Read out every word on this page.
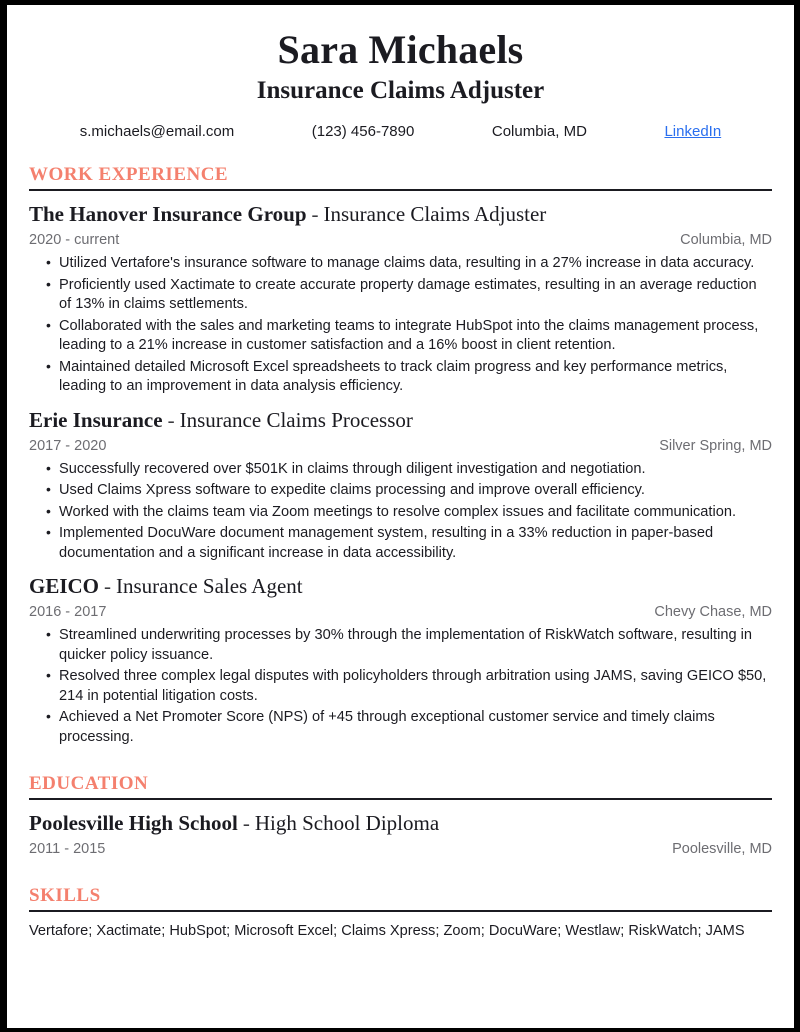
Sara Michaels
Insurance Claims Adjuster
s.michaels@email.com	(123) 456-7890	Columbia, MD	LinkedIn
WORK EXPERIENCE
The Hanover Insurance Group - Insurance Claims Adjuster
2020 - current	Columbia, MD
• Utilized Vertafore's insurance software to manage claims data, resulting in a 27% increase in data accuracy.
• Proficiently used Xactimate to create accurate property damage estimates, resulting in an average reduction of 13% in claims settlements.
• Collaborated with the sales and marketing teams to integrate HubSpot into the claims management process, leading to a 21% increase in customer satisfaction and a 16% boost in client retention.
• Maintained detailed Microsoft Excel spreadsheets to track claim progress and key performance metrics, leading to an improvement in data analysis efficiency.
Erie Insurance - Insurance Claims Processor
2017 - 2020	Silver Spring, MD
• Successfully recovered over $501K in claims through diligent investigation and negotiation.
• Used Claims Xpress software to expedite claims processing and improve overall efficiency.
• Worked with the claims team via Zoom meetings to resolve complex issues and facilitate communication.
• Implemented DocuWare document management system, resulting in a 33% reduction in paper-based documentation and a significant increase in data accessibility.
GEICO - Insurance Sales Agent
2016 - 2017	Chevy Chase, MD
• Streamlined underwriting processes by 30% through the implementation of RiskWatch software, resulting in quicker policy issuance.
• Resolved three complex legal disputes with policyholders through arbitration using JAMS, saving GEICO $50, 214 in potential litigation costs.
• Achieved a Net Promoter Score (NPS) of +45 through exceptional customer service and timely claims processing.
EDUCATION
Poolesville High School - High School Diploma
2011 - 2015	Poolesville, MD
SKILLS
Vertafore; Xactimate; HubSpot; Microsoft Excel; Claims Xpress; Zoom; DocuWare; Westlaw; RiskWatch; JAMS
